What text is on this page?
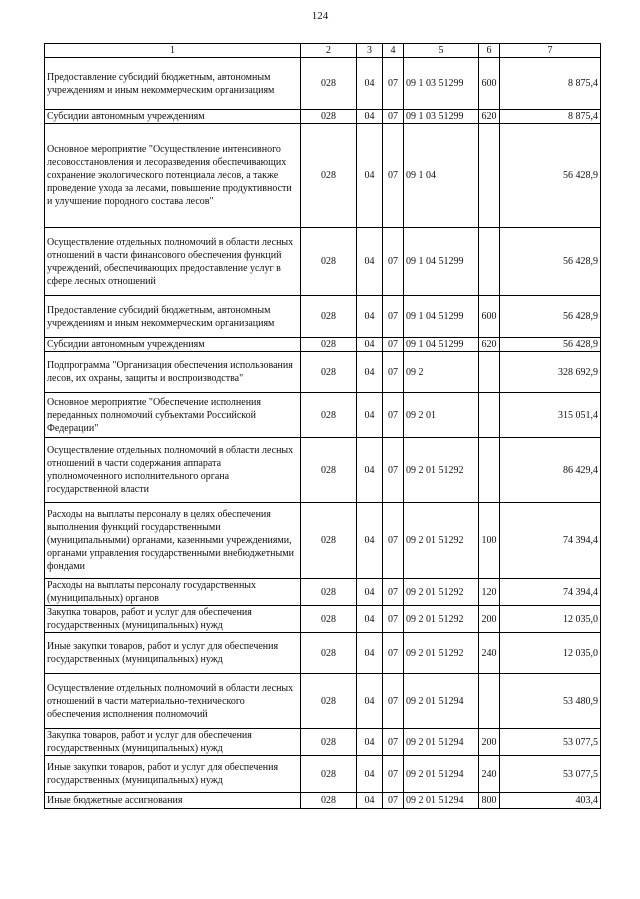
124
1	2	3	4	5	6	7
Предоставление субсидий бюджетным, автономным учреждениям и иным некоммерческим организациям	028	04	07	09 1 03 51299	600	8 875,4
Субсидии автономным учреждениям	028	04	07	09 1 03 51299	620	8 875,4
Основное мероприятие "Осуществление интенсивного лесовосстановления и лесоразведения обеспечивающих сохранение экологического потенциала лесов, а также проведение ухода за лесами, повышение продуктивности и улучшение породного состава лесов"	028	04	07	09 1 04		56 428,9
Осуществление отдельных полномочий в области лесных отношений в части финансового обеспечения функций учреждений, обеспечивающих предоставление услуг в сфере лесных отношений	028	04	07	09 1 04 51299		56 428,9
Предоставление субсидий бюджетным, автономным учреждениям и иным некоммерческим организациям	028	04	07	09 1 04 51299	600	56 428,9
Субсидии автономным учреждениям	028	04	07	09 1 04 51299	620	56 428,9
Подпрограмма "Организация обеспечения использования лесов, их охраны, защиты и воспроизводства"	028	04	07	09 2		328 692,9
Основное мероприятие "Обеспечение исполнения переданных полномочий субъектами Российской Федерации"	028	04	07	09 2 01		315 051,4
Осуществление отдельных полномочий в области лесных отношений в части содержания аппарата уполномоченного исполнительного органа государственной власти	028	04	07	09 2 01 51292		86 429,4
Расходы на выплаты персоналу в целях обеспечения выполнения функций государственными (муниципальными) органами, казенными учреждениями, органами управления государственными внебюджетными фондами	028	04	07	09 2 01 51292	100	74 394,4
Расходы на выплаты персоналу государственных (муниципальных) органов	028	04	07	09 2 01 51292	120	74 394,4
Закупка товаров, работ и услуг для обеспечения государственных (муниципальных) нужд	028	04	07	09 2 01 51292	200	12 035,0
Иные закупки товаров, работ и услуг для обеспечения государственных (муниципальных) нужд	028	04	07	09 2 01 51292	240	12 035,0
Осуществление отдельных полномочий в области лесных отношений в части материально-технического обеспечения исполнения полномочий	028	04	07	09 2 01 51294		53 480,9
Закупка товаров, работ и услуг для обеспечения государственных (муниципальных) нужд	028	04	07	09 2 01 51294	200	53 077,5
Иные закупки товаров, работ и услуг для обеспечения государственных (муниципальных) нужд	028	04	07	09 2 01 51294	240	53 077,5
Иные бюджетные ассигнования	028	04	07	09 2 01 51294	800	403,4
